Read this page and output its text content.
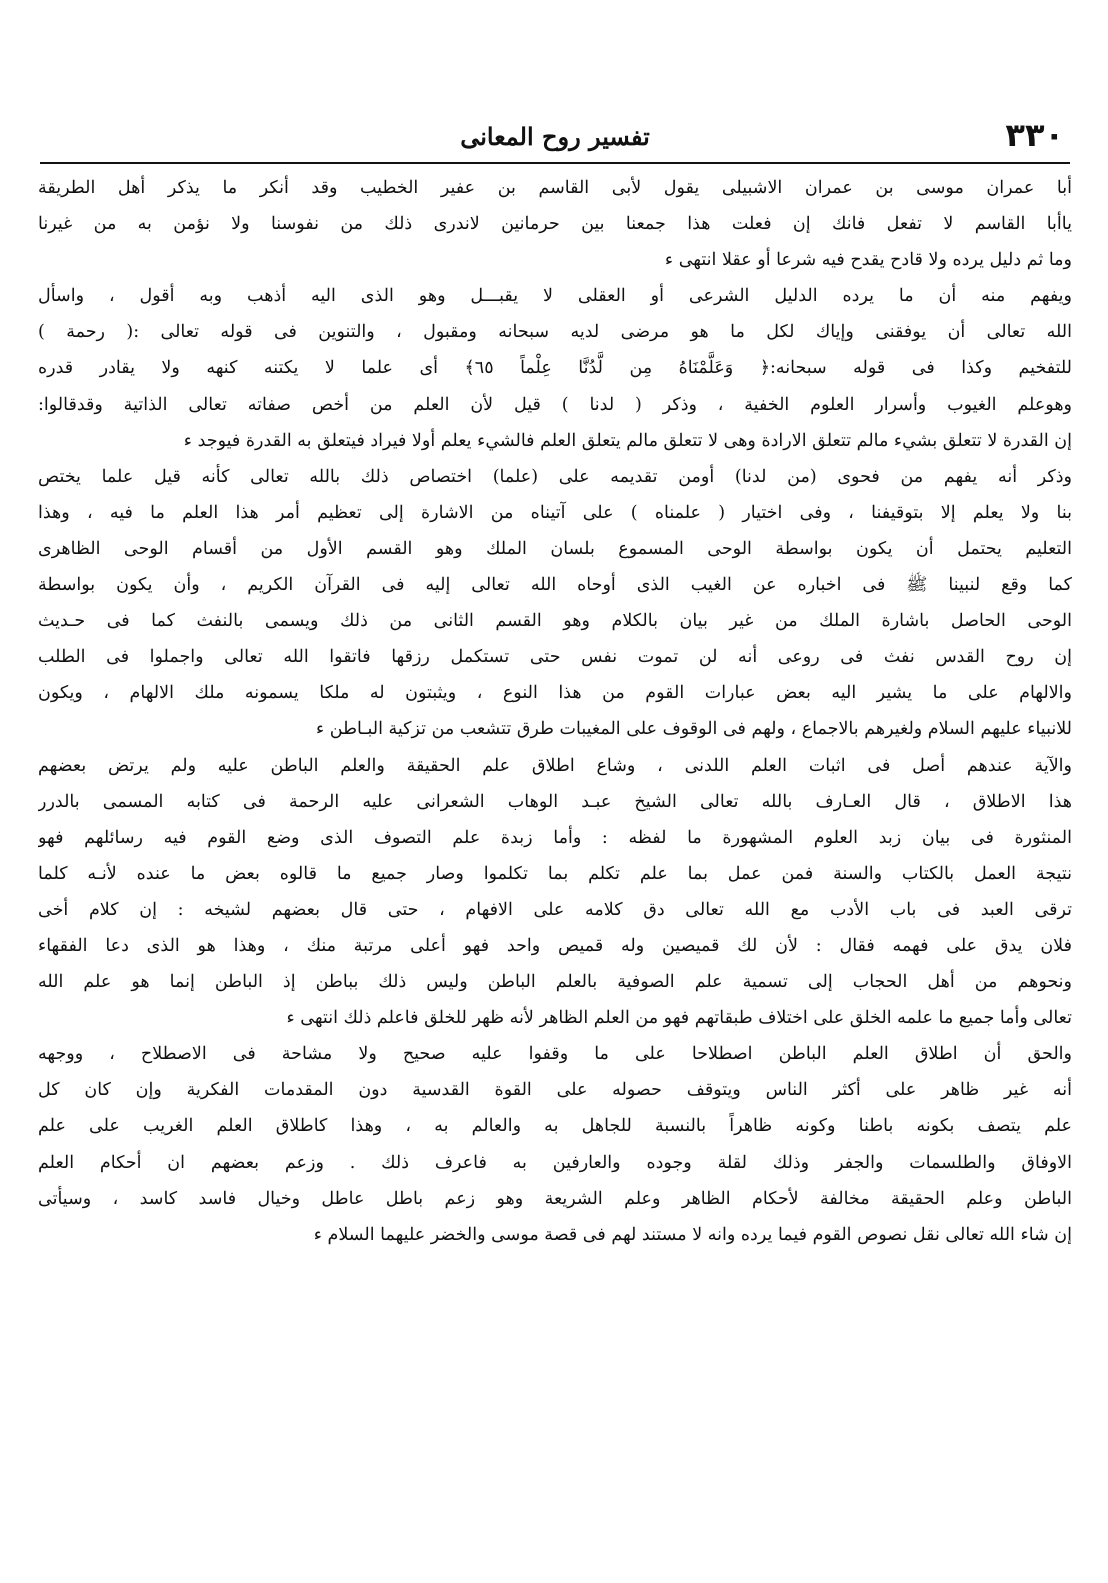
٣٣٠
تفسير روح المعانى
أبا عمران موسى بن عمران الاشبيلى يقول لأبى القاسم بن عفير الخطيب وقد أنكر ما يذكر أهل الطريقة
ياأبا القاسم لا تفعل فانك إن فعلت هذا جمعنا بين حرمانين لاندرى ذلك من نفوسنا ولا نؤمن به من غيرنا
وما ثم دليل يرده ولا قادح يقدح فيه شرعا أو عقلا انتهى ء
ويفهم منه أن ما يرده الدليل الشرعى أو العقلى لا يقبـــل وهو الذى اليه أذهب وبه أقول ، واسأل
الله تعالى أن يوفقنى وإياك لكل ما هو مرضى لديه سبحانه ومقبول ، والتنوين فى قوله تعالى :( رحمة )
للتفخيم وكذا فى قوله سبحانه:﴿ وَعَلَّمْنَاهُ مِن لَّدُنَّا عِلْماً ٦٥﴾ أى علما لا يكتنه كنهه ولا يقادر قدره
وهوعلم الغيوب وأسرار العلوم الخفية ، وذكر ( لدنا ) قيل لأن العلم من أخص صفاته تعالى الذاتية وقدقالوا:
إن القدرة لا تتعلق بشيء مالم تتعلق الارادة وهى لا تتعلق مالم يتعلق العلم فالشيء يعلم أولا فيراد فيتعلق به القدرة فيوجد ء
وذكر أنه يفهم من فحوى (من لدنا) أومن تقديمه على (علما) اختصاص ذلك بالله تعالى كأنه قيل علما يختص
بنا ولا يعلم إلا بتوقيفنا ، وفى اختيار ( علمناه ) على آتيناه من الاشارة إلى تعظيم أمر هذا العلم ما فيه ، وهذا
التعليم يحتمل أن يكون بواسطة الوحى المسموع بلسان الملك وهو القسم الأول من أقسام الوحى الظاهرى
كما وقع لنبينا ﷺ فى اخباره عن الغيب الذى أوحاه الله تعالى إليه فى القرآن الكريم ، وأن يكون بواسطة
الوحى الحاصل باشارة الملك من غير بيان بالكلام وهو القسم الثانى من ذلك ويسمى بالنفث كما فى حـديث
إن روح القدس نفث فى روعى أنه لن تموت نفس حتى تستكمل رزقها فاتقوا الله تعالى واجملوا فى الطلب
والالهام على ما يشير اليه بعض عبارات القوم من هذا النوع ، ويثبتون له ملكا يسمونه ملك الالهام ، ويكون
للانبياء عليهم السلام ولغيرهم بالاجماع ، ولهم فى الوقوف على المغيبات طرق تتشعب من تزكية البـاطن ء
والآية عندهم أصل فى اثبات العلم اللدنى ، وشاع اطلاق علم الحقيقة والعلم الباطن عليه ولم يرتض بعضهم
هذا الاطلاق ، قال العـارف بالله تعالى الشيخ عبـد الوهاب الشعرانى عليه الرحمة فى كتابه المسمى بالدرر
المنثورة فى بيان زبد العلوم المشهورة ما لفظه : وأما زبدة علم التصوف الذى وضع القوم فيه رسائلهم فهو
نتيجة العمل بالكتاب والسنة فمن عمل بما علم تكلم بما تكلموا وصار جميع ما قالوه بعض ما عنده لأنـه كلما
ترقى العبد فى باب الأدب مع الله تعالى دق كلامه على الافهام ، حتى قال بعضهم لشيخه : إن كلام أخى
فلان يدق على فهمه فقال : لأن لك قميصين وله قميص واحد فهو أعلى مرتبة منك ، وهذا هو الذى دعا الفقهاء
ونحوهم من أهل الحجاب إلى تسمية علم الصوفية بالعلم الباطن وليس ذلك بباطن إذ الباطن إنما هو علم الله
تعالى وأما جميع ما علمه الخلق على اختلاف طبقاتهم فهو من العلم الظاهر لأنه ظهر للخلق فاعلم ذلك انتهى ء
والحق أن اطلاق العلم الباطن اصطلاحا على ما وقفوا عليه صحيح ولا مشاحة فى الاصطلاح ، ووجهه
أنه غير ظاهر على أكثر الناس ويتوقف حصوله على القوة القدسية دون المقدمات الفكرية وإن كان كل
علم يتصف بكونه باطنا وكونه ظاهراً بالنسبة للجاهل به والعالم به ، وهذا كاطلاق العلم الغريب على علم
الاوفاق والطلسمات والجفر وذلك لقلة وجوده والعارفين به فاعرف ذلك . وزعم بعضهم ان أحكام العلم
الباطن وعلم الحقيقة مخالفة لأحكام الظاهر وعلم الشريعة وهو زعم باطل عاطل وخيال فاسد كاسد ، وسيأتى
إن شاء الله تعالى نقل نصوص القوم فيما يرده وانه لا مستند لهم فى قصة موسى والخضر عليهما السلام ء
